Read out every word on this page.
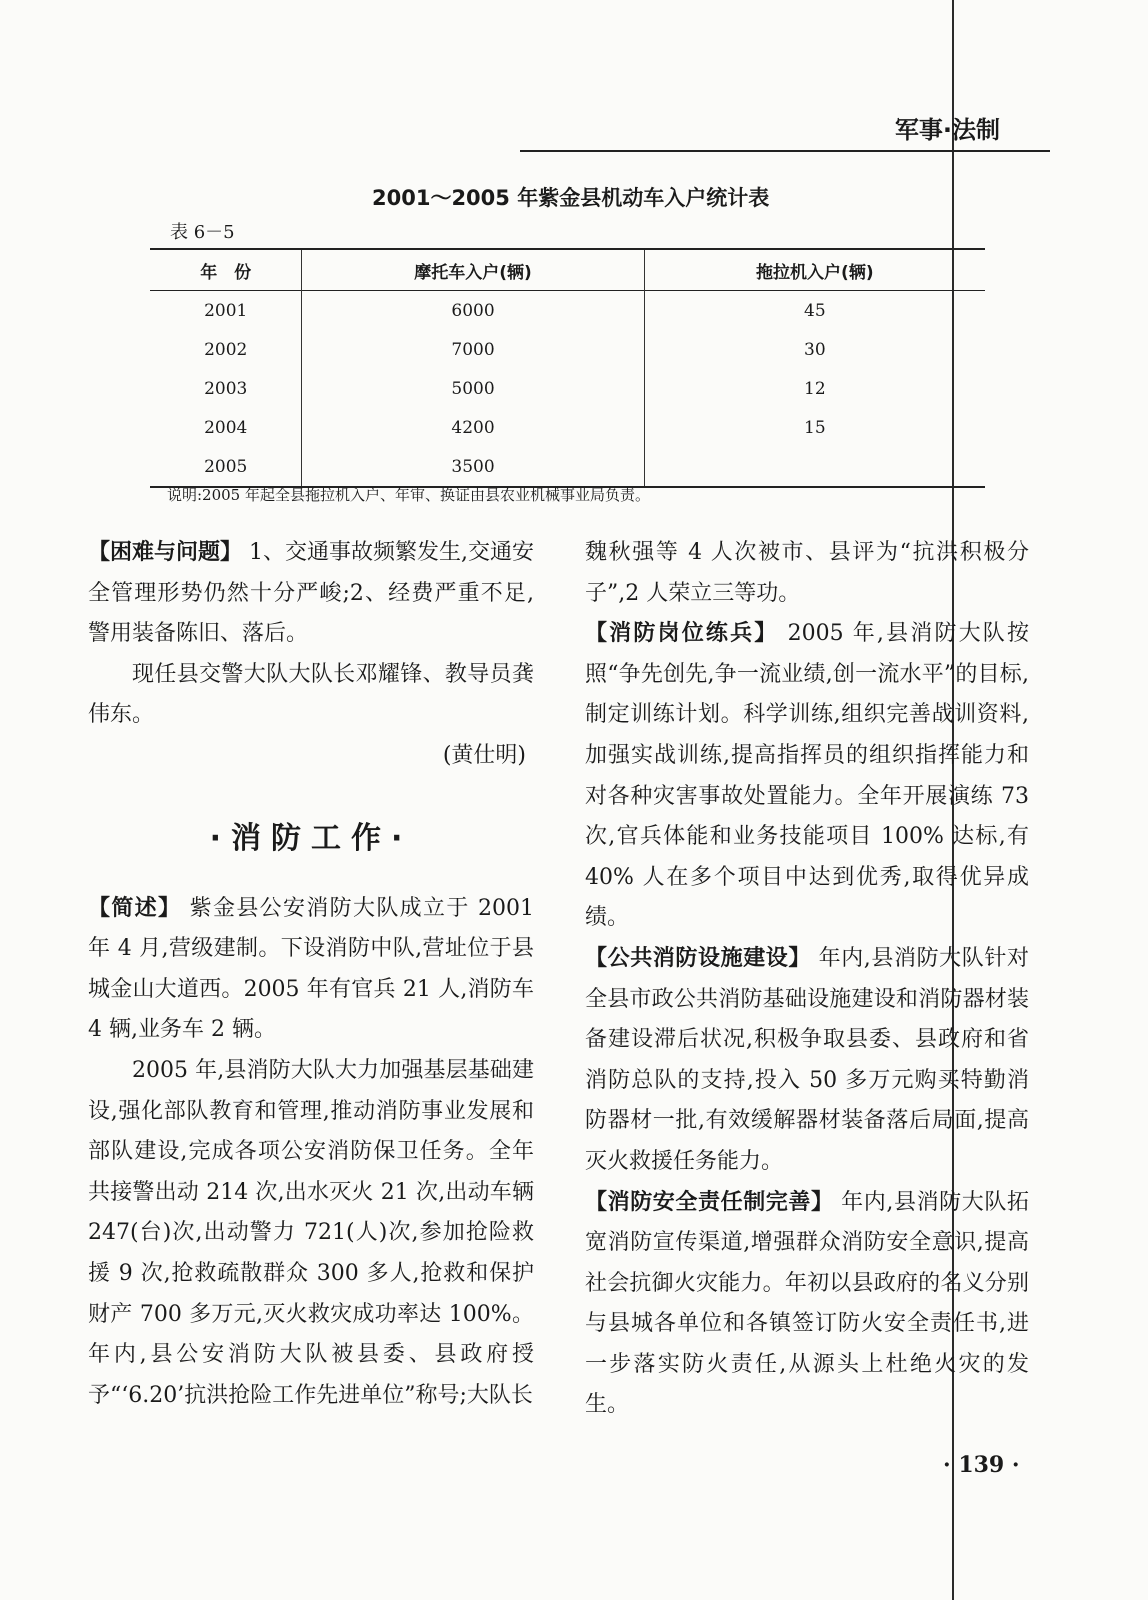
军事·法制
2001～2005 年紫金县机动车入户统计表
表 6－5
年　份	摩托车入户(辆)	拖拉机入户(辆)
2001	6000	45
2002	7000	30
2003	5000	12
2004	4200	15
2005	3500	
说明:2005 年起全县拖拉机入户、年审、换证由县农业机械事业局负责。

【困难与问题】 1、交通事故频繁发生,交通安全管理形势仍然十分严峻;2、经费严重不足,警用装备陈旧、落后。

现任县交警大队大队长邓耀锋、教导员龚伟东。

(黄仕明)

·消防工作·

【简述】 紫金县公安消防大队成立于 2001 年 4 月,营级建制。下设消防中队,营址位于县城金山大道西。2005 年有官兵 21 人,消防车 4 辆,业务车 2 辆。

2005 年,县消防大队大力加强基层基础建设,强化部队教育和管理,推动消防事业发展和部队建设,完成各项公安消防保卫任务。全年共接警出动 214 次,出水灭火 21 次,出动车辆 247(台)次,出动警力 721(人)次,参加抢险救援 9 次,抢救疏散群众 300 多人,抢救和保护财产 700 多万元,灭火救灾成功率达 100%。年内,县公安消防大队被县委、县政府授予“‘6.20’抗洪抢险工作先进单位”称号;大队长

魏秋强等 4 人次被市、县评为“抗洪积极分子”,2 人荣立三等功。

【消防岗位练兵】 2005 年,县消防大队按照“争先创先,争一流业绩,创一流水平”的目标,制定训练计划。科学训练,组织完善战训资料,加强实战训练,提高指挥员的组织指挥能力和对各种灾害事故处置能力。全年开展演练 73 次,官兵体能和业务技能项目 100% 达标,有 40% 人在多个项目中达到优秀,取得优异成绩。

【公共消防设施建设】 年内,县消防大队针对全县市政公共消防基础设施建设和消防器材装备建设滞后状况,积极争取县委、县政府和省消防总队的支持,投入 50 多万元购买特勤消防器材一批,有效缓解器材装备落后局面,提高灭火救援任务能力。

【消防安全责任制完善】 年内,县消防大队拓宽消防宣传渠道,增强群众消防安全意识,提高社会抗御火灾能力。年初以县政府的名义分别与县城各单位和各镇签订防火安全责任书,进一步落实防火责任,从源头上杜绝火灾的发生。

· 139 ·
